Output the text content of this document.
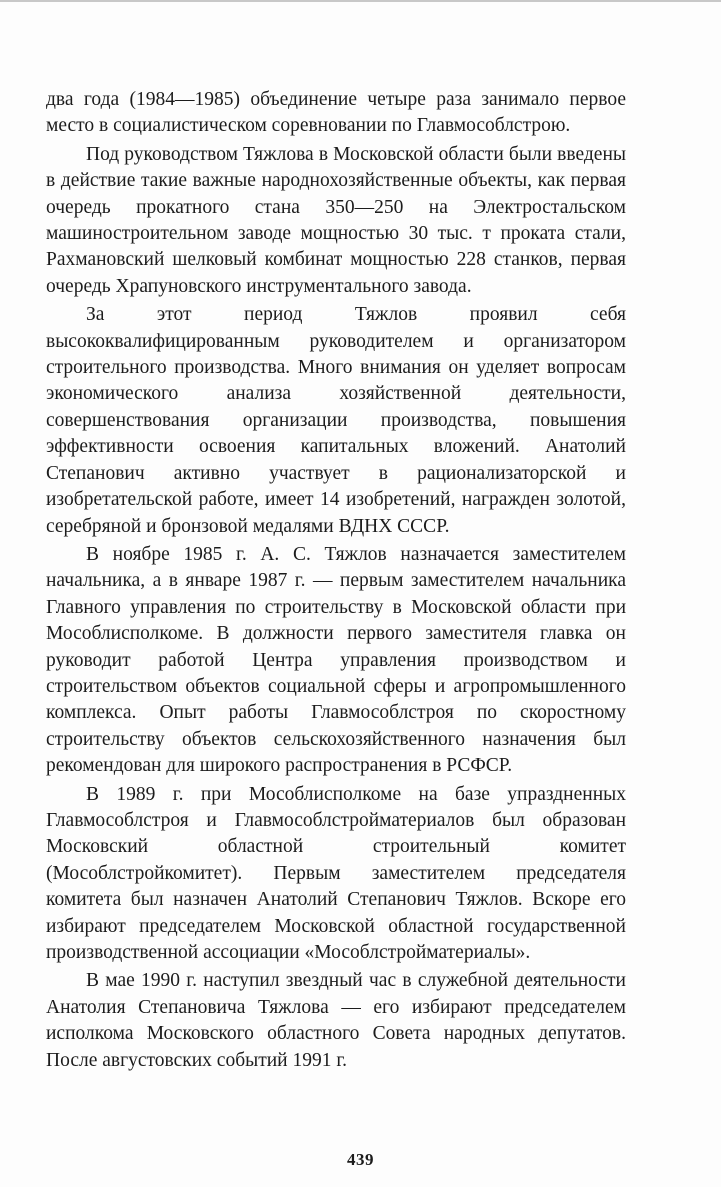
два года (1984—1985) объединение четыре раза занимало первое место в социалистическом соревновании по Главмособлстрою.

Под руководством Тяжлова в Московской области были введены в действие такие важные народнохозяйственные объекты, как первая очередь прокатного стана 350—250 на Электростальском машиностроительном заводе мощностью 30 тыс. т проката стали, Рахмановский шелковый комбинат мощностью 228 станков, первая очередь Храпуновского инструментального завода.

За этот период Тяжлов проявил себя высококвалифицированным руководителем и организатором строительного производства. Много внимания он уделяет вопросам экономического анализа хозяйственной деятельности, совершенствования организации производства, повышения эффективности освоения капитальных вложений. Анатолий Степанович активно участвует в рационализаторской и изобретательской работе, имеет 14 изобретений, награжден золотой, серебряной и бронзовой медалями ВДНХ СССР.

В ноябре 1985 г. А. С. Тяжлов назначается заместителем начальника, а в январе 1987 г. — первым заместителем начальника Главного управления по строительству в Московской области при Мособлисполкоме. В должности первого заместителя главка он руководит работой Центра управления производством и строительством объектов социальной сферы и агропромышленного комплекса. Опыт работы Главмособлстроя по скоростному строительству объектов сельскохозяйственного назначения был рекомендован для широкого распространения в РСФСР.

В 1989 г. при Мособлисполкоме на базе упраздненных Главмособлстроя и Главмособлстройматериалов был образован Московский областной строительный комитет (Мособлстройкомитет). Первым заместителем председателя комитета был назначен Анатолий Степанович Тяжлов. Вскоре его избирают председателем Московской областной государственной производственной ассоциации «Мособлстройматериалы».

В мае 1990 г. наступил звездный час в служебной деятельности Анатолия Степановича Тяжлова — его избирают председателем исполкома Московского областного Совета народных депутатов. После августовских событий 1991 г.

439
